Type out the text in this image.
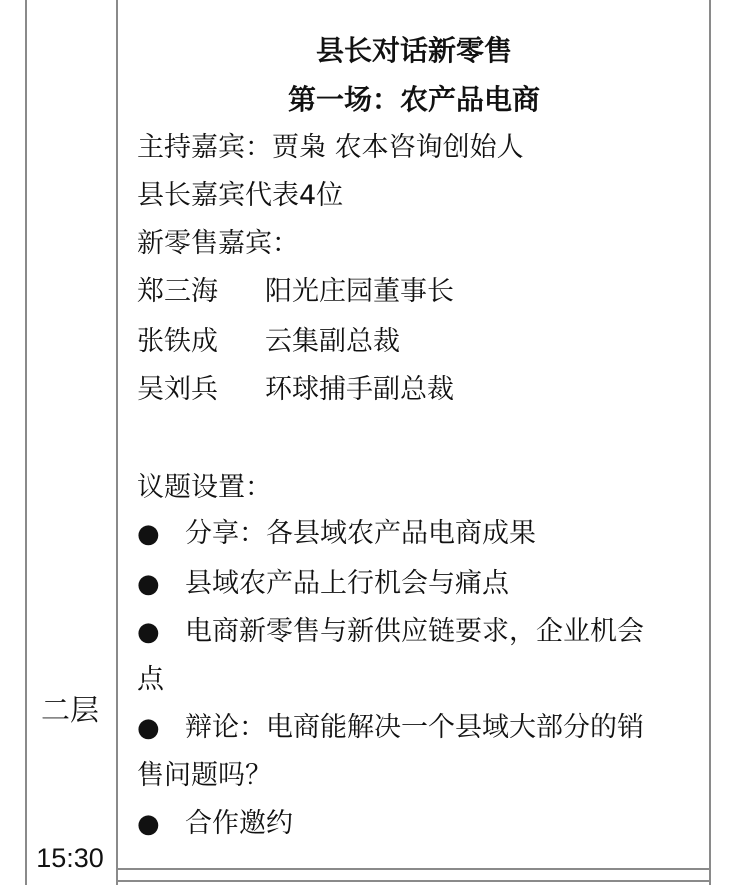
二层
15:30
县长对话新零售
第一场：农产品电商
主持嘉宾：贾枭 农本咨询创始人
县长嘉宾代表4位
新零售嘉宾：
郑三海 阳光庄园董事长
张铁成 云集副总裁
吴刘兵 环球捕手副总裁
议题设置：
● 分享：各县域农产品电商成果
● 县域农产品上行机会与痛点
● 电商新零售与新供应链要求，企业机会
点
● 辩论：电商能解决一个县域大部分的销
售问题吗？
● 合作邀约
